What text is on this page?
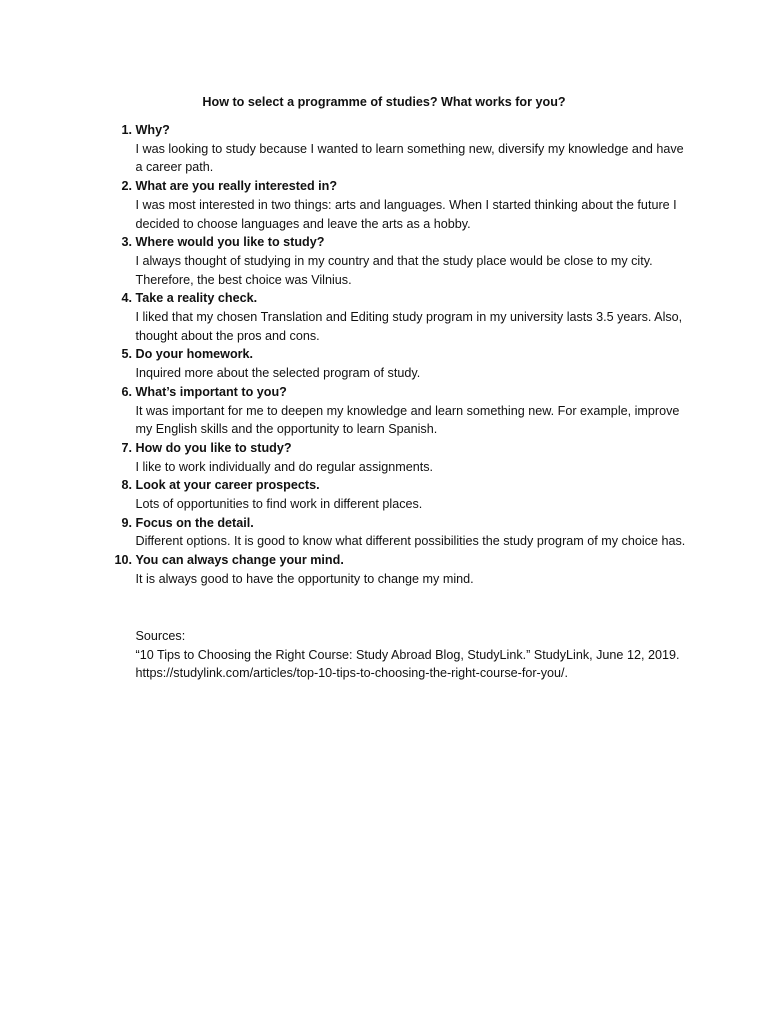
How to select a programme of studies? What works for you?
1. Why?
I was looking to study because I wanted to learn something new, diversify my knowledge and have a career path.
2. What are you really interested in?
I was most interested in two things: arts and languages. When I started thinking about the future I decided to choose languages and leave the arts as a hobby.
3. Where would you like to study?
I always thought of studying in my country and that the study place would be close to my city. Therefore, the best choice was Vilnius.
4. Take a reality check.
I liked that my chosen Translation and Editing study program in my university lasts 3.5 years. Also, thought about the pros and cons.
5. Do your homework.
Inquired more about the selected program of study.
6. What’s important to you?
It was important for me to deepen my knowledge and learn something new. For example, improve my English skills and the opportunity to learn Spanish.
7. How do you like to study?
I like to work individually and do regular assignments.
8. Look at your career prospects.
Lots of opportunities to find work in different places.
9. Focus on the detail.
Different options. It is good to know what different possibilities the study program of my choice has.
10. You can always change your mind.
It is always good to have the opportunity to change my mind.
Sources:
“10 Tips to Choosing the Right Course: Study Abroad Blog, StudyLink.” StudyLink, June 12, 2019.
https://studylink.com/articles/top-10-tips-to-choosing-the-right-course-for-you/.
